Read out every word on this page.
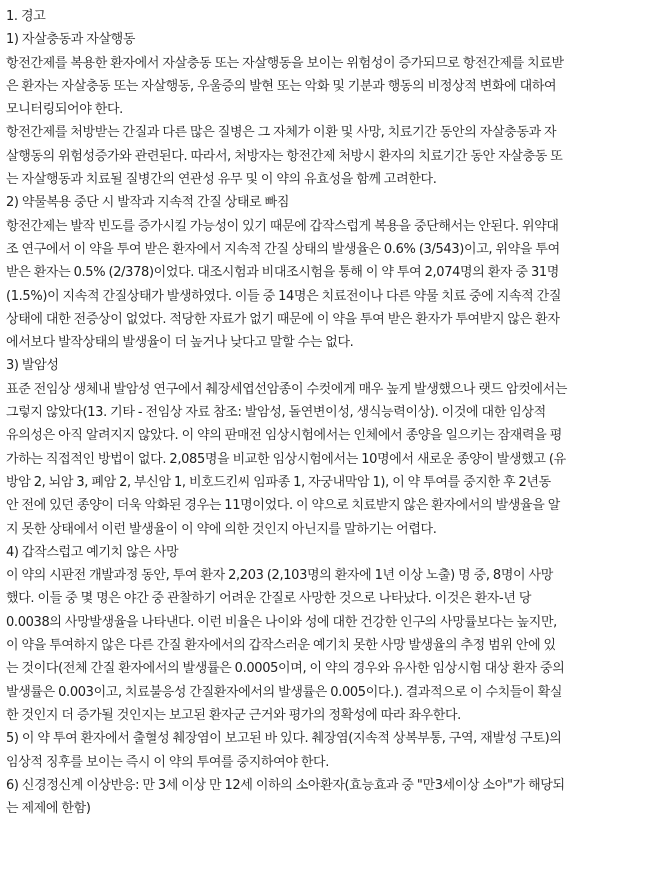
1. 경고
1) 자살충동과 자살행동
항전간제를 복용한 환자에서 자살충동 또는 자살행동을 보이는 위험성이 증가되므로 항전간제를 치료받
은 환자는 자살충동 또는 자살행동, 우울증의 발현 또는 악화 및 기분과 행동의 비정상적 변화에 대하여
모니터링되어야 한다.
항전간제를 처방받는 간질과 다른 많은 질병은 그 자체가 이환 및 사망, 치료기간 동안의 자살충동과 자
살행동의 위험성증가와 관련된다. 따라서, 처방자는 항전간제 처방시 환자의 치료기간 동안 자살충동 또
는 자살행동과 치료될 질병간의 연관성 유무 및 이 약의 유효성을 함께 고려한다.
2) 약물복용 중단 시 발작과 지속적 간질 상태로 빠짐
항전간제는 발작 빈도를 증가시킬 가능성이 있기 때문에 갑작스럽게 복용을 중단해서는 안된다. 위약대
조 연구에서 이 약을 투여 받은 환자에서 지속적 간질 상태의 발생율은 0.6% (3/543)이고, 위약을 투여
받은 환자는 0.5% (2/378)이었다. 대조시험과 비대조시험을 통해 이 약 투여 2,074명의 환자 중 31명
(1.5%)이 지속적 간질상태가 발생하였다. 이들 중 14명은 치료전이나 다른 약물 치료 중에 지속적 간질
상태에 대한 전증상이 없었다. 적당한 자료가 없기 때문에 이 약을 투여 받은 환자가 투여받지 않은 환자
에서보다 발작상태의 발생율이 더 높거나 낮다고 말할 수는 없다.
3) 발암성
표준 전임상 생체내 발암성 연구에서 췌장세엽선암종이 수컷에게 매우 높게 발생했으나 랫드 암컷에서는
그렇지 않았다(13. 기타 - 전임상 자료 참조: 발암성, 돌연변이성, 생식능력이상). 이것에 대한 임상적
유의성은 아직 알려지지 않았다. 이 약의 판매전 임상시험에서는 인체에서 종양을 일으키는 잠재력을 평
가하는 직접적인 방법이 없다. 2,085명을 비교한 임상시험에서는 10명에서 새로운 종양이 발생했고 (유
방암 2, 뇌암 3, 폐암 2, 부신암 1, 비호드킨씨 임파종 1, 자궁내막암 1), 이 약 투여를 중지한 후 2년동
안 전에 있던 종양이 더욱 악화된 경우는 11명이었다. 이 약으로 치료받지 않은 환자에서의 발생율을 알
지 못한 상태에서 이런 발생율이 이 약에 의한 것인지 아닌지를 말하기는 어렵다.
4) 갑작스럽고 예기치 않은 사망
이 약의 시판전 개발과정 동안, 투여 환자 2,203 (2,103명의 환자에 1년 이상 노출) 명 중, 8명이 사망
했다. 이들 중 몇 명은 야간 중 관찰하기 어려운 간질로 사망한 것으로 나타났다. 이것은 환자-년 당
0.0038의 사망발생율을 나타낸다. 이런 비율은 나이와 성에 대한 건강한 인구의 사망률보다는 높지만,
이 약을 투여하지 않은 다른 간질 환자에서의 갑작스러운 예기치 못한 사망 발생율의 추정 범위 안에 있
는 것이다(전체 간질 환자에서의 발생률은 0.0005이며, 이 약의 경우와 유사한 임상시험 대상 환자 중의
발생률은 0.003이고, 치료불응성 간질환자에서의 발생률은 0.005이다.). 결과적으로 이 수치들이 확실
한 것인지 더 증가될 것인지는 보고된 환자군 근거와 평가의 정확성에 따라 좌우한다.
5) 이 약 투여 환자에서 출혈성 췌장염이 보고된 바 있다. 췌장염(지속적 상복부통, 구역, 재발성 구토)의
임상적 징후를 보이는 즉시 이 약의 투여를 중지하여야 한다.
6) 신경정신계 이상반응: 만 3세 이상 만 12세 이하의 소아환자(효능효과 중 "만3세이상 소아"가 해당되
는 제제에 한함)
